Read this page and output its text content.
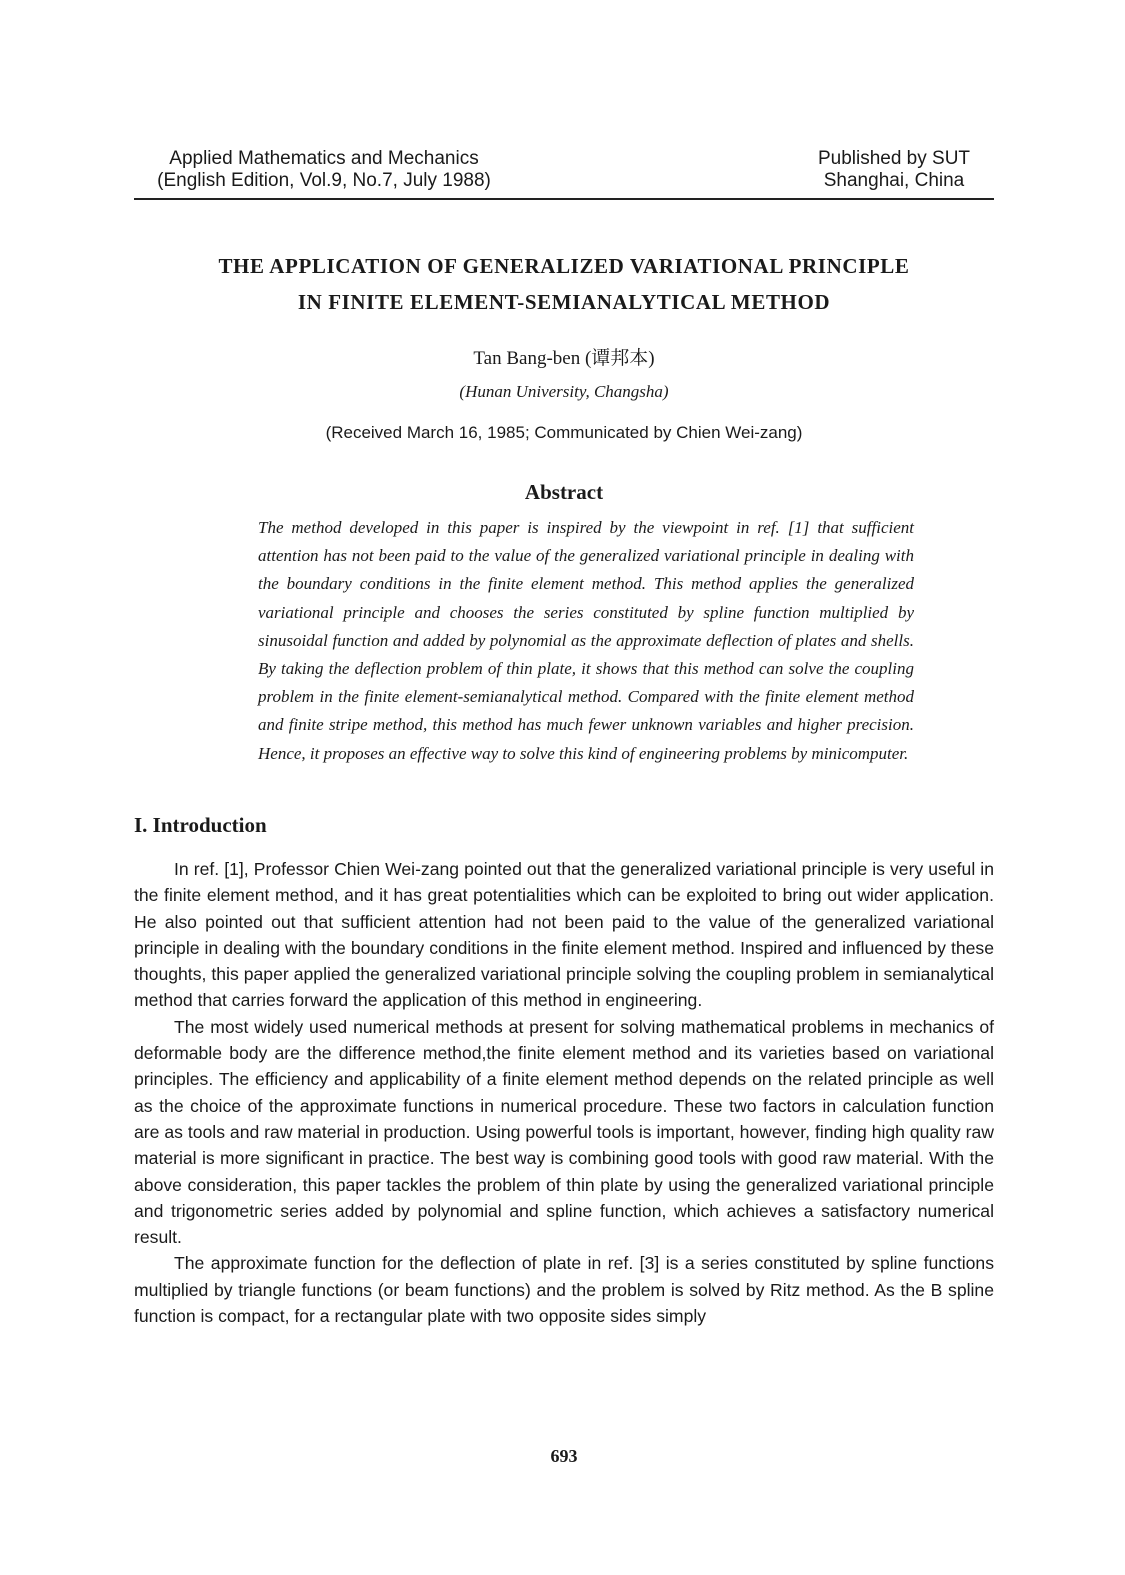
Applied Mathematics and Mechanics
(English Edition, Vol.9, No.7, July 1988)
Published by SUT
Shanghai, China
THE APPLICATION OF GENERALIZED VARIATIONAL PRINCIPLE
IN FINITE ELEMENT-SEMIANALYTICAL METHOD
Tan Bang-ben (谭邦本)
(Hunan University, Changsha)
(Received March 16, 1985; Communicated by Chien Wei-zang)
Abstract
The method developed in this paper is inspired by the viewpoint in ref. [1] that sufficient attention has not been paid to the value of the generalized variational principle in dealing with the boundary conditions in the finite element method. This method applies the generalized variational principle and chooses the series constituted by spline function multiplied by sinusoidal function and added by polynomial as the approximate deflection of plates and shells. By taking the deflection problem of thin plate, it shows that this method can solve the coupling problem in the finite element-semianalytical method. Compared with the finite element method and finite stripe method, this method has much fewer unknown variables and higher precision. Hence, it proposes an effective way to solve this kind of engineering problems by minicomputer.
I. Introduction

In ref. [1], Professor Chien Wei-zang pointed out that the generalized variational principle is very useful in the finite element method, and it has great potentialities which can be exploited to bring out wider application. He also pointed out that sufficient attention had not been paid to the value of the generalized variational principle in dealing with the boundary conditions in the finite element method. Inspired and influenced by these thoughts, this paper applied the generalized variational principle solving the coupling problem in semianalytical method that carries forward the application of this method in engineering.

The most widely used numerical methods at present for solving mathematical problems in mechanics of deformable body are the difference method,the finite element method and its varieties based on variational principles. The efficiency and applicability of a finite element method depends on the related principle as well as the choice of the approximate functions in numerical procedure. These two factors in calculation function are as tools and raw material in production. Using powerful tools is important, however, finding high quality raw material is more significant in practice. The best way is combining good tools with good raw material. With the above consideration, this paper tackles the problem of thin plate by using the generalized variational principle and trigonometric series added by polynomial and spline function, which achieves a satisfactory numerical result.

The approximate function for the deflection of plate in ref. [3] is a series constituted by spline functions multiplied by triangle functions (or beam functions) and the problem is solved by Ritz method. As the B spline function is compact, for a rectangular plate with two opposite sides simply

693
